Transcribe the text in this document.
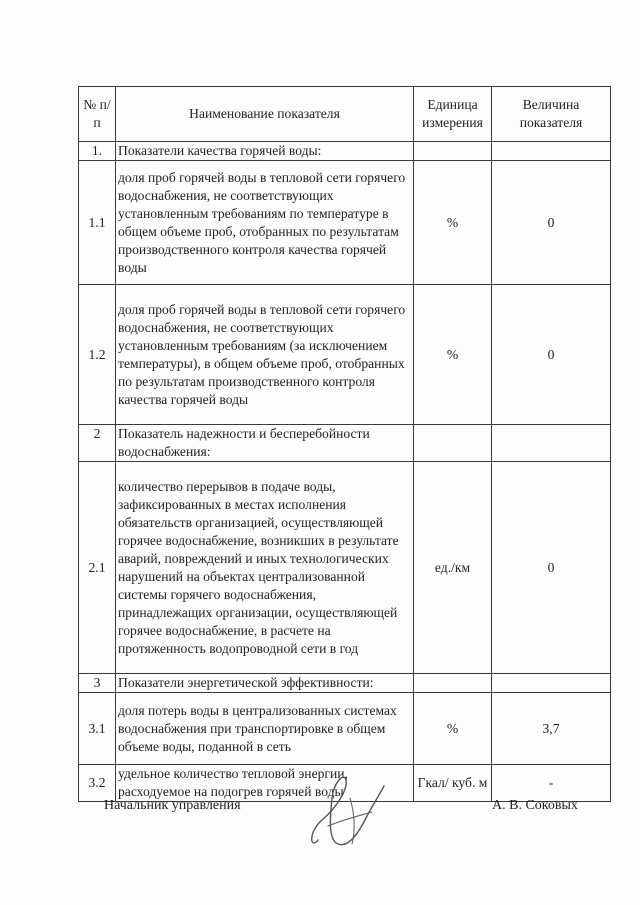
№ п/п	Наименование показателя	Единица измерения	Величина показателя
1.	Показатели качества горячей воды:		
1.1	доля проб горячей воды в тепловой сети горячего водоснабжения, не соответствующих установленным требованиям по температуре в общем объеме проб, отобранных по результатам производственного контроля качества горячей воды	%	0
1.2	доля проб горячей воды в тепловой сети горячего водоснабжения, не соответствующих установленным требованиям (за исключением температуры), в общем объеме проб, отобранных по результатам производственного контроля качества горячей воды	%	0
2	Показатель надежности и бесперебойности водоснабжения:		
2.1	количество перерывов в подаче воды, зафиксированных в местах исполнения обязательств организацией, осуществляющей горячее водоснабжение, возникших в результате аварий, повреждений и иных технологических нарушений на объектах централизованной системы горячего водоснабжения, принадлежащих организации, осуществляющей горячее водоснабжение, в расчете на протяженность водопроводной сети в год	ед./км	0
3	Показатели энергетической эффективности:		
3.1	доля потерь воды в централизованных системах водоснабжения при транспортировке в общем объеме воды, поданной в сеть	%	3,7
3.2	удельное количество тепловой энергии, расходуемое на подогрев горячей воды	Гкал/ куб. м	-
Начальник управления	А. В. Соковых
